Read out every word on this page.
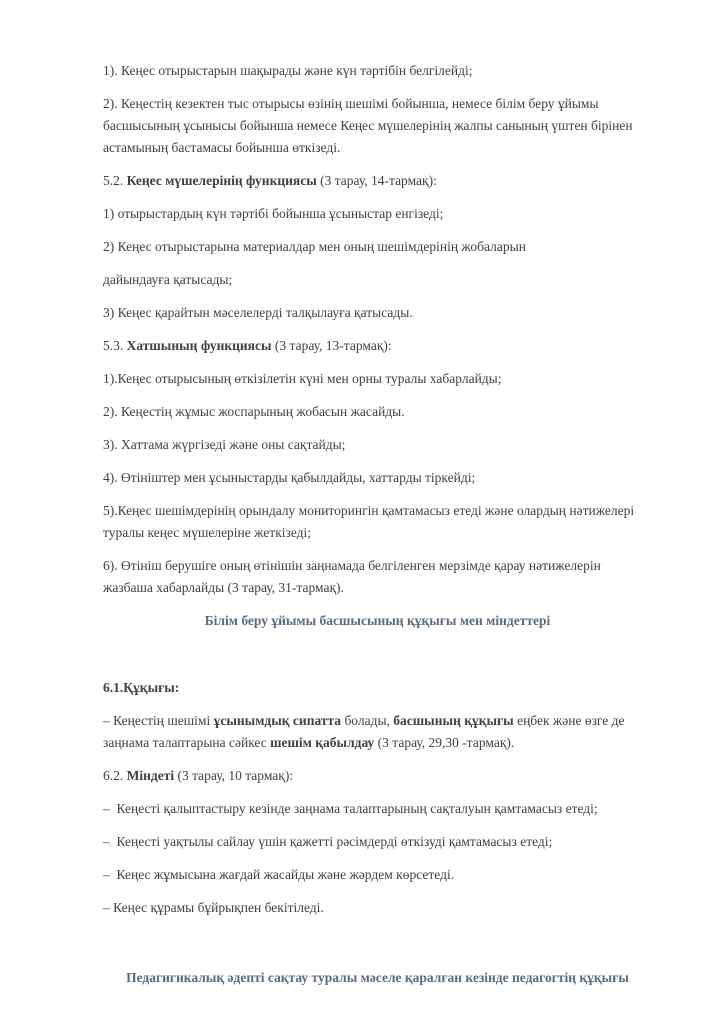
1). Кеңес отырыстарын шақырады және күн тәртібін белгілейді;

2). Кеңестің кезектен тыс отырысы өзінің шешімі бойынша, немесе білім беру ұйымы басшысының ұсынысы бойынша немесе Кеңес мүшелерінің жалпы санының үштен бірінен астамының бастамасы бойынша өткізеді.

5.2. Кеңес мүшелерінің функциясы (3 тарау, 14-тармақ):

1) отырыстардың күн тәртібі бойынша ұсыныстар енгізеді;

2) Кеңес отырыстарына материалдар мен оның шешімдерінің жобаларын

дайындауға қатысады;

3) Кеңес қарайтын мәселелерді талқылауға қатысады.

5.3. Хатшының функциясы (3 тарау, 13-тармақ):

1).Кеңес отырысының өткізілетін күні мен орны туралы хабарлайды;

2). Кеңестің жұмыс жоспарының жобасын жасайды.

3). Хаттама жүргізеді және оны сақтайды;

4). Өтініштер мен ұсыныстарды қабылдайды, хаттарды тіркейді;

5).Кеңес шешімдерінің орындалу мониторингін қамтамасыз етеді және олардың нәтижелері туралы кеңес мүшелеріне жеткізеді;

6). Өтініш берушіге оның өтінішін заңнамада белгіленген мерзімде қарау нәтижелерін жазбаша хабарлайды (3 тарау, 31-тармақ).

Білім беру ұйымы басшысының құқығы мен міндеттері

6.1.Құқығы:

– Кеңестің шешімі ұсынымдық сипатта болады, басшының құқығы еңбек және өзге де заңнама талаптарына сәйкес шешім қабылдау (3 тарау, 29,30 -тармақ).

6.2. Міндеті (3 тарау, 10 тармақ):

–  Кеңесті қалыптастыру кезінде заңнама талаптарының сақталуын қамтамасыз етеді;

–  Кеңесті уақтылы сайлау үшін қажетті рәсімдерді өткізуді қамтамасыз етеді;

–  Кеңес жұмысына жағдай жасайды және жәрдем көрсетеді.

– Кеңес құрамы бұйрықпен бекітіледі.

Педагигикалық әдепті сақтау туралы мәселе қаралған кезінде педагогтің құқығы
